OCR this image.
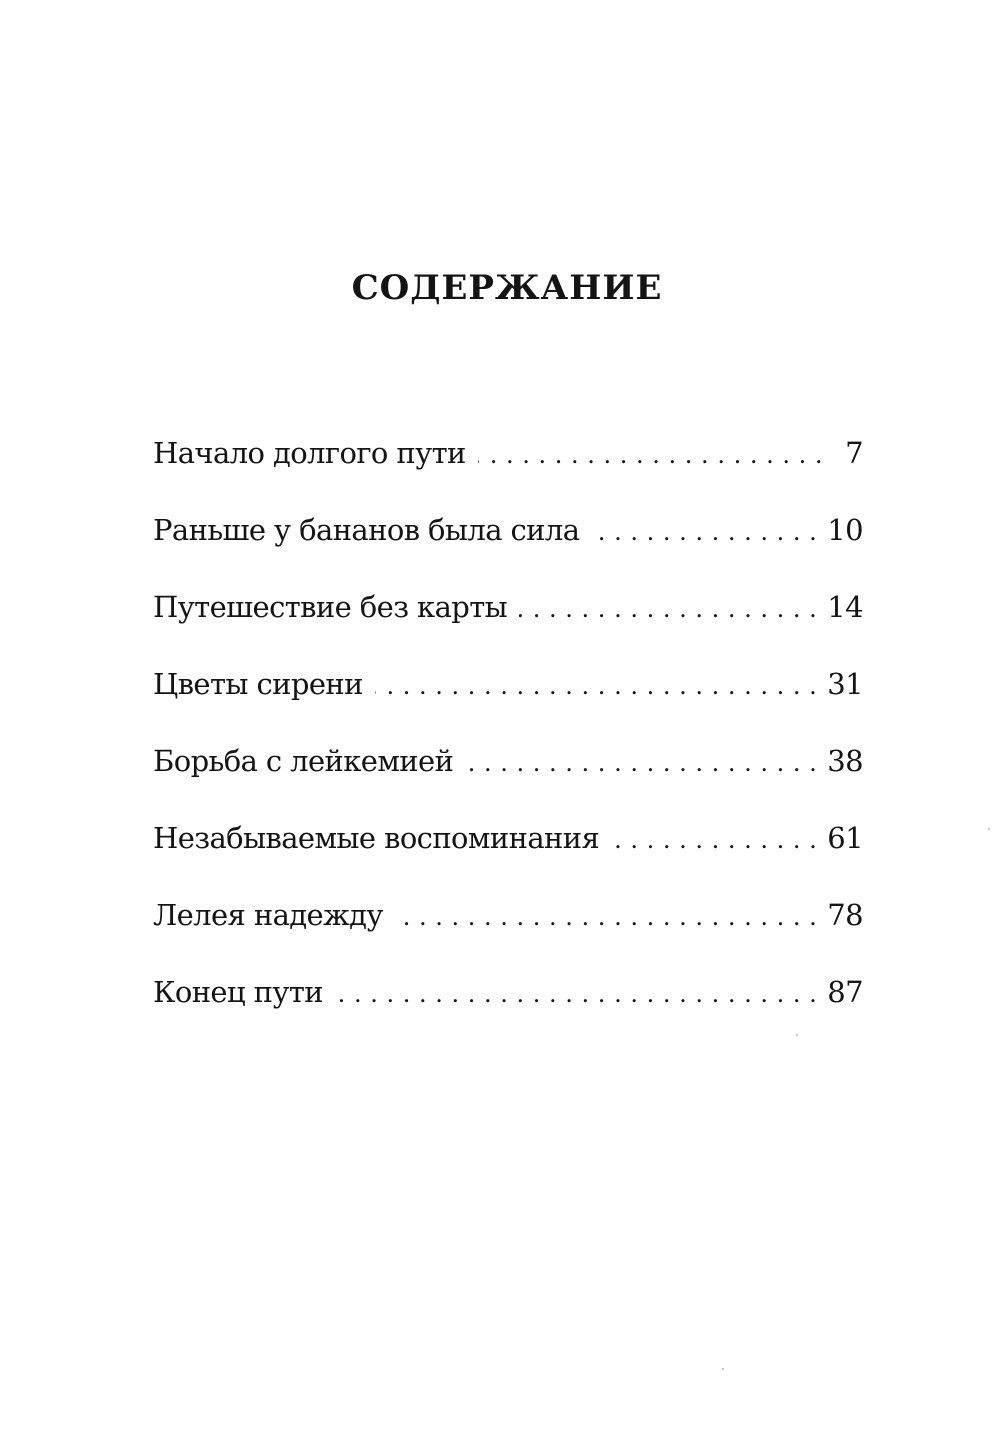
СОДЕРЖАНИЕ
Начало долгого пути . . .	7
Раньше у бананов была сила . . .	10
Путешествие без карты . . .	14
Цветы сирени . . .	31
Борьба с лейкемией . . .	38
Незабываемые воспоминания . . .	61
Лелея надежду . . .	78
Конец пути . . .	87
